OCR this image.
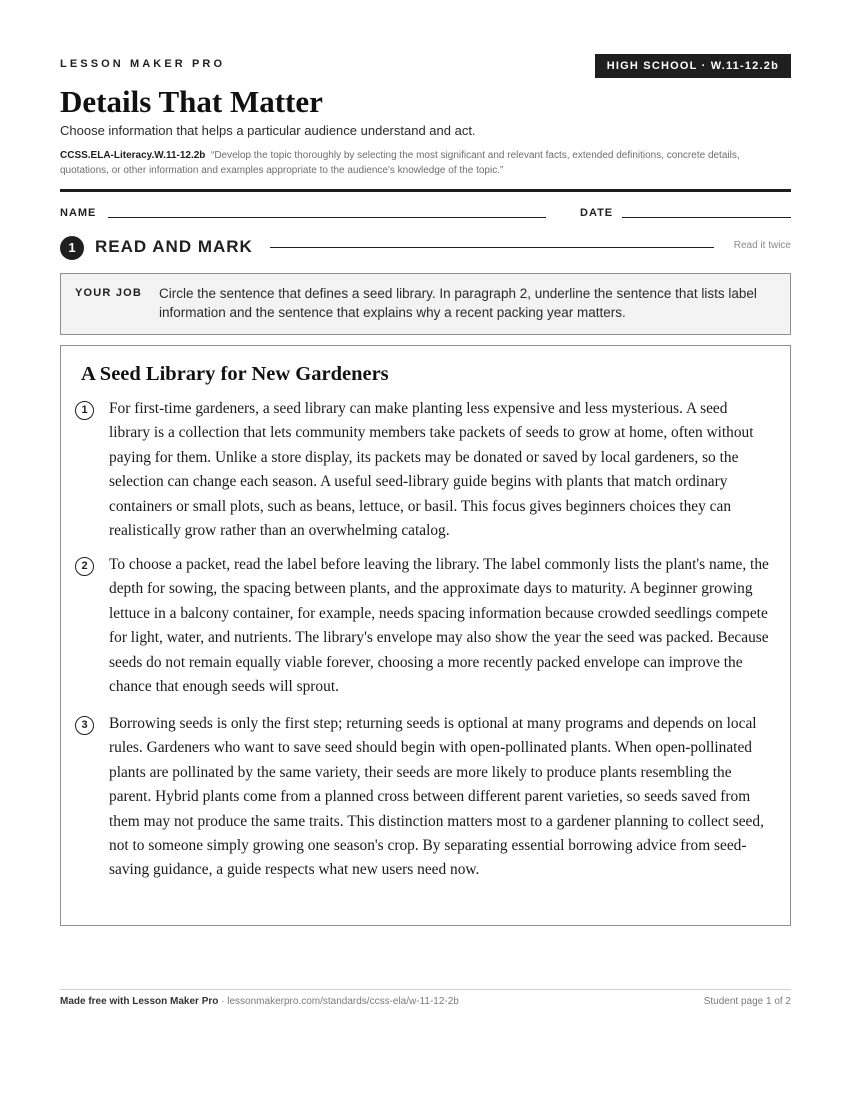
LESSON MAKER PRO	HIGH SCHOOL · W.11-12.2b
Details That Matter
Choose information that helps a particular audience understand and act.
CCSS.ELA-Literacy.W.11-12.2b “Develop the topic thoroughly by selecting the most significant and relevant facts, extended definitions, concrete details, quotations, or other information and examples appropriate to the audience's knowledge of the topic.”
NAME	DATE
1	READ AND MARK	Read it twice
YOUR JOB Circle the sentence that defines a seed library. In paragraph 2, underline the sentence that lists label information and the sentence that explains why a recent packing year matters.
A Seed Library for New Gardeners
1	For first-time gardeners, a seed library can make planting less expensive and less mysterious. A seed library is a collection that lets community members take packets of seeds to grow at home, often without paying for them. Unlike a store display, its packets may be donated or saved by local gardeners, so the selection can change each season. A useful seed-library guide begins with plants that match ordinary containers or small plots, such as beans, lettuce, or basil. This focus gives beginners choices they can realistically grow rather than an overwhelming catalog.

2	To choose a packet, read the label before leaving the library. The label commonly lists the plant's name, the depth for sowing, the spacing between plants, and the approximate days to maturity. A beginner growing lettuce in a balcony container, for example, needs spacing information because crowded seedlings compete for light, water, and nutrients. The library's envelope may also show the year the seed was packed. Because seeds do not remain equally viable forever, choosing a more recently packed envelope can improve the chance that enough seeds will sprout.

3	Borrowing seeds is only the first step; returning seeds is optional at many programs and depends on local rules. Gardeners who want to save seed should begin with open-pollinated plants. When open-pollinated plants are pollinated by the same variety, their seeds are more likely to produce plants resembling the parent. Hybrid plants come from a planned cross between different parent varieties, so seeds saved from them may not produce the same traits. This distinction matters most to a gardener planning to collect seed, not to someone simply growing one season's crop. By separating essential borrowing advice from seed-saving guidance, a guide respects what new users need now.

Made free with Lesson Maker Pro · lessonmakerpro.com/standards/ccss-ela/w-11-12-2b	Student page 1 of 2
